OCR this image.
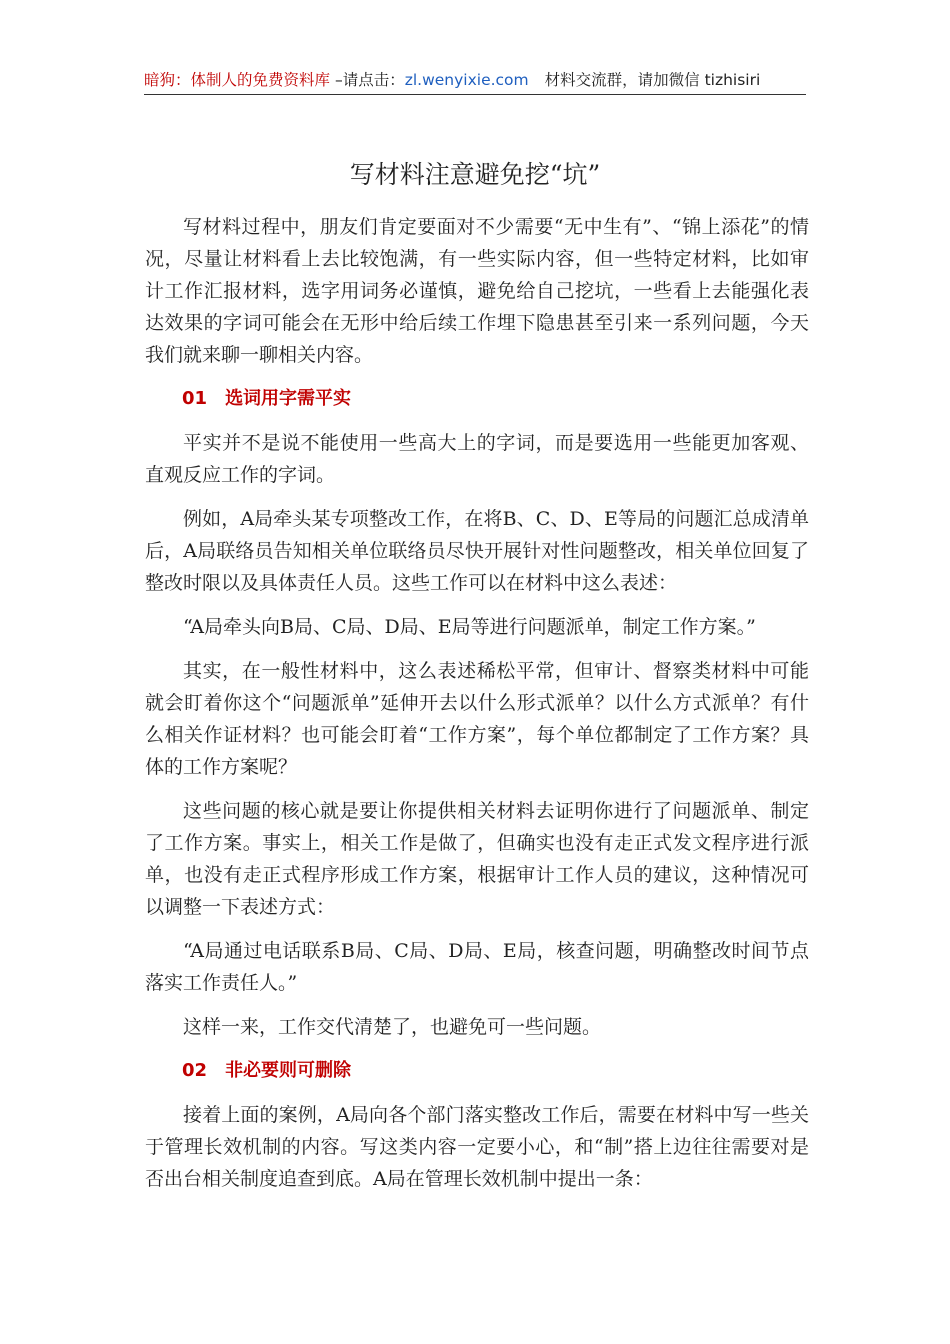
暗狗：体制人的免费资料库 –请点击：zl.wenyixie.com 材料交流群，请加微信 tizhisiri
写材料注意避免挖“坑”

写材料过程中，朋友们肯定要面对不少需要“无中生有”、“锦上添花”的情况，尽量让材料看上去比较饱满，有一些实际内容，但一些特定材料，比如审计工作汇报材料，选字用词务必谨慎，避免给自己挖坑，一些看上去能强化表达效果的字词可能会在无形中给后续工作埋下隐患甚至引来一系列问题，今天我们就来聊一聊相关内容。

01 选词用字需平实

平实并不是说不能使用一些高大上的字词，而是要选用一些能更加客观、直观反应工作的字词。

例如，A局牵头某专项整改工作，在将B、C、D、E等局的问题汇总成清单后，A局联络员告知相关单位联络员尽快开展针对性问题整改，相关单位回复了整改时限以及具体责任人员。这些工作可以在材料中这么表述：

“A局牵头向B局、C局、D局、E局等进行问题派单，制定工作方案。”

其实，在一般性材料中，这么表述稀松平常，但审计、督察类材料中可能就会盯着你这个“问题派单”延伸开去以什么形式派单？以什么方式派单？有什么相关作证材料？也可能会盯着“工作方案”，每个单位都制定了工作方案？具体的工作方案呢？

这些问题的核心就是要让你提供相关材料去证明你进行了问题派单、制定了工作方案。事实上，相关工作是做了，但确实也没有走正式发文程序进行派单，也没有走正式程序形成工作方案，根据审计工作人员的建议，这种情况可以调整一下表述方式：

“A局通过电话联系B局、C局、D局、E局，核查问题，明确整改时间节点落实工作责任人。”

这样一来，工作交代清楚了，也避免可一些问题。

02 非必要则可删除

接着上面的案例，A局向各个部门落实整改工作后，需要在材料中写一些关于管理长效机制的内容。写这类内容一定要小心，和“制”搭上边往往需要对是否出台相关制度追查到底。A局在管理长效机制中提出一条：
